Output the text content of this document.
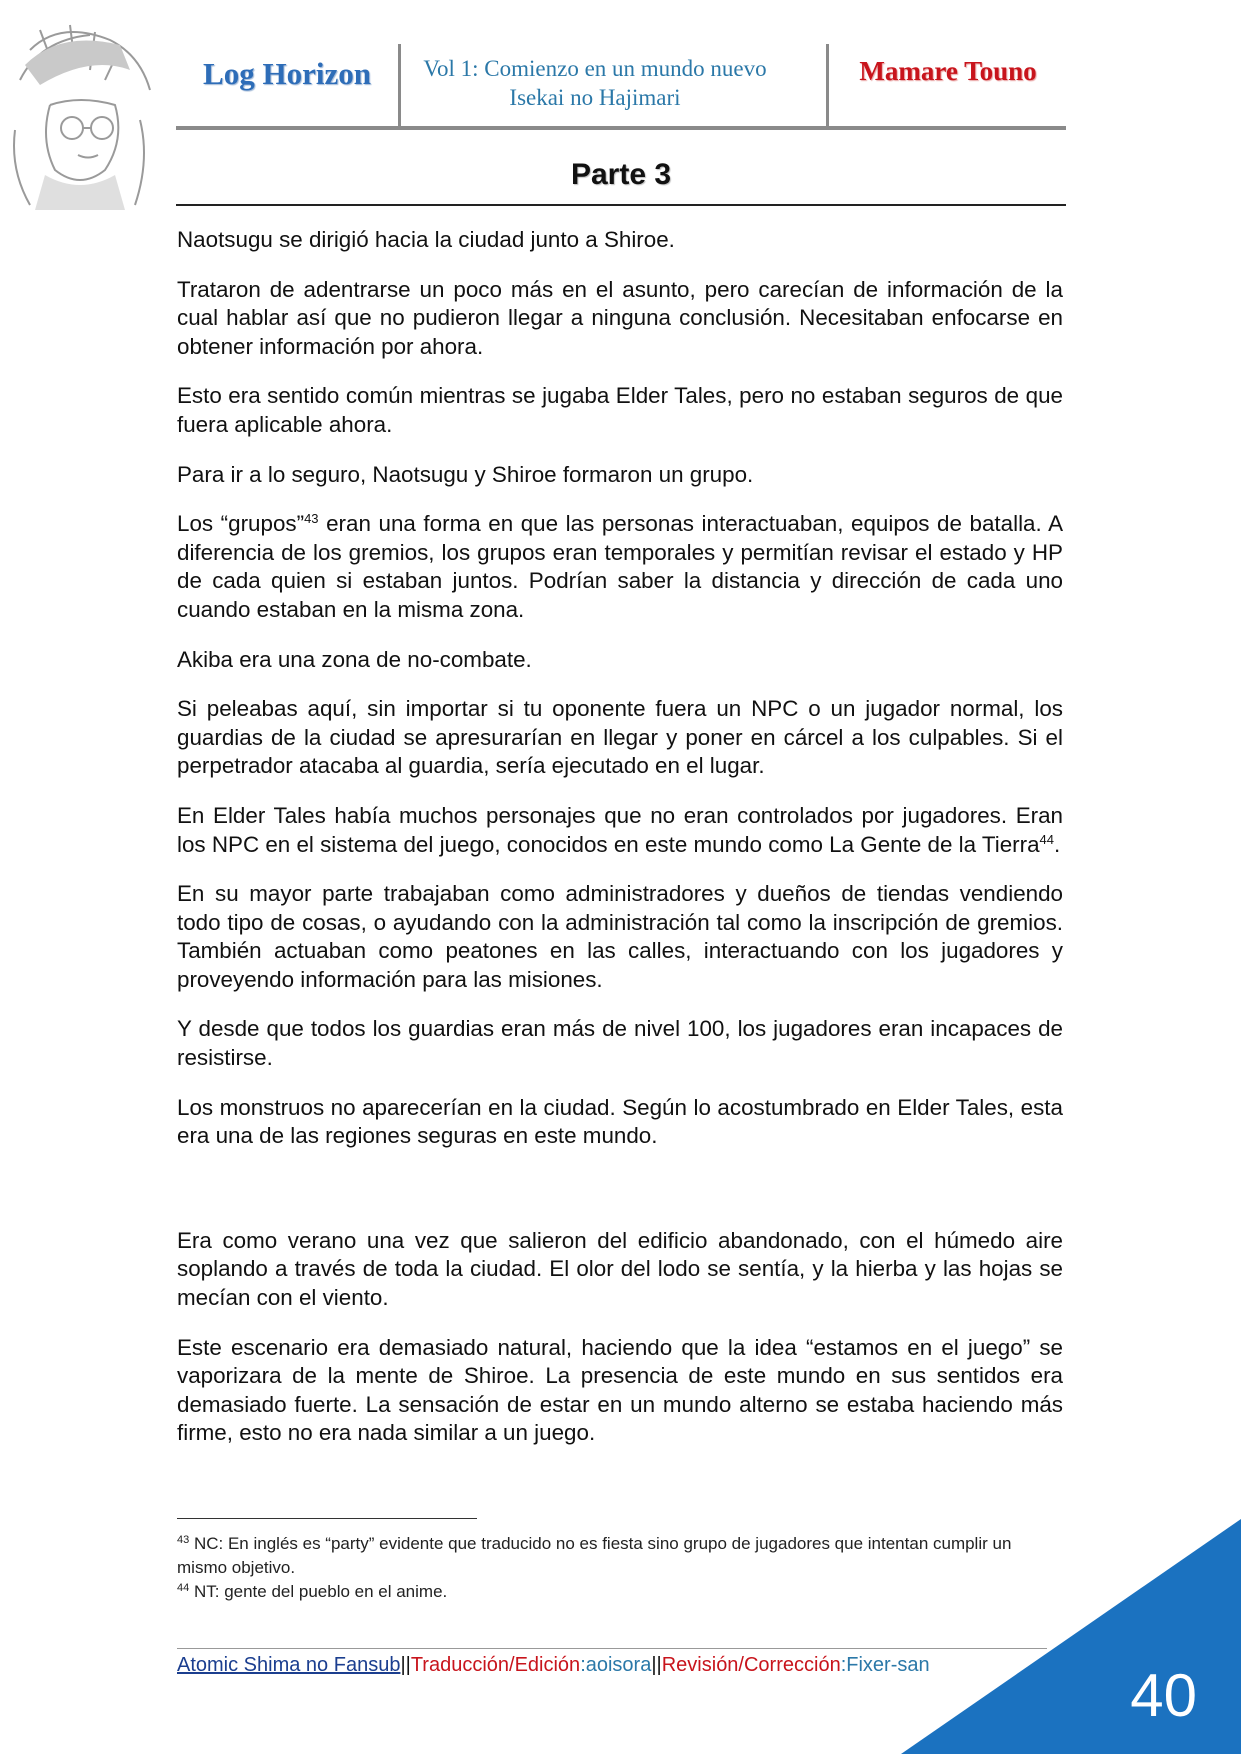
Log Horizon	Vol 1: Comienzo en un mundo nuevo
Isekai no Hajimari
Mamare Touno
Parte 3

Naotsugu se dirigió hacia la ciudad junto a Shiroe.

Trataron de adentrarse un poco más en el asunto, pero carecían de información de la cual hablar así que no pudieron llegar a ninguna conclusión. Necesitaban enfocarse en obtener información por ahora.

Esto era sentido común mientras se jugaba Elder Tales, pero no estaban seguros de que fuera aplicable ahora.

Para ir a lo seguro, Naotsugu y Shiroe formaron un grupo.

Los “grupos”$^{43}$ eran una forma en que las personas interactuaban, equipos de batalla. A diferencia de los gremios, los grupos eran temporales y permitían revisar el estado y HP de cada quien si estaban juntos. Podrían saber la distancia y dirección de cada uno cuando estaban en la misma zona.

Akiba era una zona de no-combate.

Si peleabas aquí, sin importar si tu oponente fuera un NPC o un jugador normal, los guardias de la ciudad se apresurarían en llegar y poner en cárcel a los culpables. Si el perpetrador atacaba al guardia, sería ejecutado en el lugar.

En Elder Tales había muchos personajes que no eran controlados por jugadores. Eran los NPC en el sistema del juego, conocidos en este mundo como La Gente de la Tierra$^{44}$.

En su mayor parte trabajaban como administradores y dueños de tiendas vendiendo todo tipo de cosas, o ayudando con la administración tal como la inscripción de gremios. También actuaban como peatones en las calles, interactuando con los jugadores y proveyendo información para las misiones.

Y desde que todos los guardias eran más de nivel 100, los jugadores eran incapaces de resistirse.

Los monstruos no aparecerían en la ciudad. Según lo acostumbrado en Elder Tales, esta era una de las regiones seguras en este mundo.

Era como verano una vez que salieron del edificio abandonado, con el húmedo aire soplando a través de toda la ciudad. El olor del lodo se sentía, y la hierba y las hojas se mecían con el viento.

Este escenario era demasiado natural, haciendo que la idea “estamos en el juego” se vaporizara de la mente de Shiroe. La presencia de este mundo en sus sentidos era demasiado fuerte. La sensación de estar en un mundo alterno se estaba haciendo más firme, esto no era nada similar a un juego.

$^{43}$ NC: En inglés es “party” evidente que traducido no es fiesta sino grupo de jugadores que intentan cumplir un mismo objetivo.
$^{44}$ NT: gente del pueblo en el anime.
Atomic Shima no Fansub||Traducción/Edición:aoisora||Revisión/Corrección:Fixer-san	40
